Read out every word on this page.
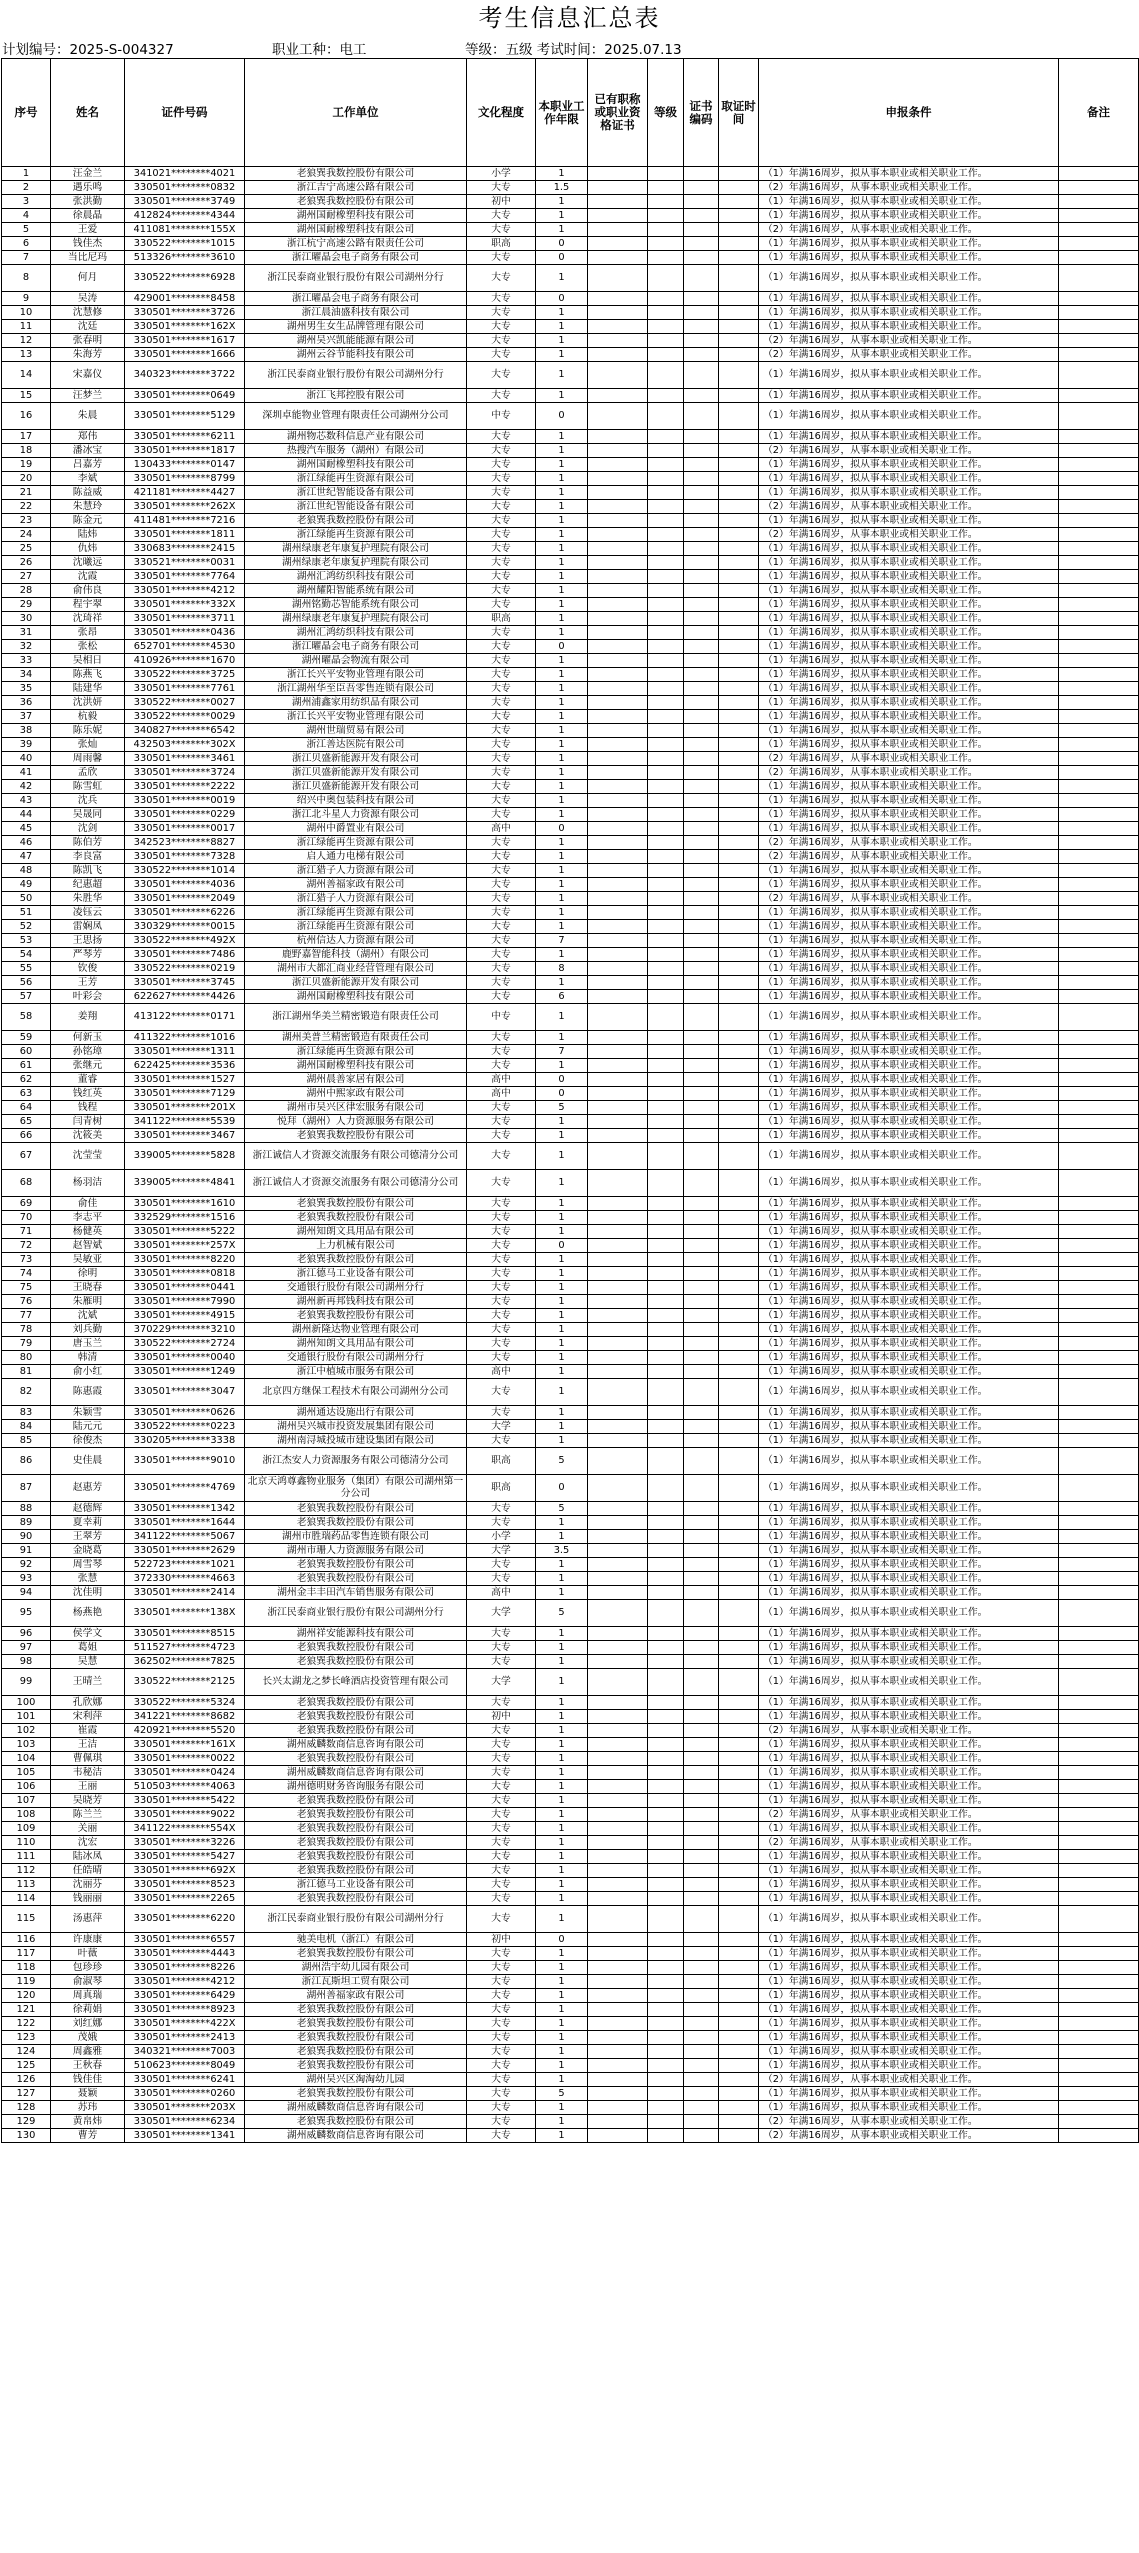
考生信息汇总表
计划编号：2025-S-004327	职业工种：电工	等级：五级 考试时间：2025.07.13
序号	姓名	证件号码	工作单位	文化程度	本职业工作年限	已有职称或职业资格证书	等级	证书编码	取证时间	申报条件	备注
1	汪金兰	341021********4021	老狼巽我数控股份有限公司	小学	1					（1）年满16周岁，拟从事本职业或相关职业工作。	
2	遇乐鸣	330501********0832	浙江吉宁高速公路有限公司	大专	1.5					（2）年满16周岁，从事本职业或相关职业工作。	
3	张洪勤	330501********3749	老狼巽我数控股份有限公司	初中	1					（1）年满16周岁，拟从事本职业或相关职业工作。	
4	徐晨晶	412824********4344	湖州国耐橡塑科技有限公司	大专	1					（1）年满16周岁，拟从事本职业或相关职业工作。	
5	王爱	411081********155X	湖州国耐橡塑科技有限公司	大专	1					（2）年满16周岁，从事本职业或相关职业工作。	
6	钱佳杰	330522********1015	浙江杭宁高速公路有限责任公司	职高	0					（1）年满16周岁，拟从事本职业或相关职业工作。	
7	当比尼玛	513326********3610	浙江曜晶会电子商务有限公司	大专	0					（1）年满16周岁，拟从事本职业或相关职业工作。	
8	何月	330522********6928	浙江民泰商业银行股份有限公司湖州分行	大专	1					（1）年满16周岁，拟从事本职业或相关职业工作。	
9	吴涛	429001********8458	浙江曜晶会电子商务有限公司	大专	0					（1）年满16周岁，拟从事本职业或相关职业工作。	
10	沈慧修	330501********3726	浙江晨油盛科技有限公司	大专	1					（1）年满16周岁，拟从事本职业或相关职业工作。	
11	沈廷	330501********162X	湖州男生女生品牌管理有限公司	大专	1					（1）年满16周岁，拟从事本职业或相关职业工作。	
12	张春明	330501********1617	湖州吴兴凯能能源有限公司	大专	1					（2）年满16周岁，从事本职业或相关职业工作。	
13	朱海芳	330501********1666	湖州云谷节能科技有限公司	大专	1					（2）年满16周岁，从事本职业或相关职业工作。	
14	宋嘉仪	340323********3722	浙江民泰商业银行股份有限公司湖州分行	大专	1					（1）年满16周岁，拟从事本职业或相关职业工作。	
15	汪梦兰	330501********0649	浙江飞邦控股有限公司	大专	1					（1）年满16周岁，拟从事本职业或相关职业工作。	
16	朱晨	330501********5129	深圳卓能物业管理有限责任公司湖州分公司	中专	0					（1）年满16周岁，拟从事本职业或相关职业工作。	
17	郑伟	330501********6211	湖州物芯数科信息产业有限公司	大专	1					（1）年满16周岁，拟从事本职业或相关职业工作。	
18	潘冰宝	330501********1817	热搜汽车服务（湖州）有限公司	大专	1					（2）年满16周岁，从事本职业或相关职业工作。	
19	吕嘉芳	130433********0147	湖州国耐橡塑科技有限公司	大专	1					（1）年满16周岁，拟从事本职业或相关职业工作。	
20	李斌	330501********8799	浙江绿能再生资源有限公司	大专	1					（1）年满16周岁，拟从事本职业或相关职业工作。	
21	陈益威	421181********4427	浙江世纪智能设备有限公司	大专	1					（1）年满16周岁，拟从事本职业或相关职业工作。	
22	朱慧玲	330501********262X	浙江世纪智能设备有限公司	大专	1					（2）年满16周岁，从事本职业或相关职业工作。	
23	陈金元	411481********7216	老狼巽我数控股份有限公司	大专	1					（1）年满16周岁，拟从事本职业或相关职业工作。	
24	陆炜	330501********1811	浙江绿能再生资源有限公司	大专	1					（2）年满16周岁，从事本职业或相关职业工作。	
25	仇炜	330683********2415	湖州绿康老年康复护理院有限公司	大专	1					（1）年满16周岁，拟从事本职业或相关职业工作。	
26	沈曦远	330521********0031	湖州绿康老年康复护理院有限公司	大专	1					（1）年满16周岁，拟从事本职业或相关职业工作。	
27	沈霞	330501********7764	湖州汇鸿纺织科技有限公司	大专	1					（1）年满16周岁，拟从事本职业或相关职业工作。	
28	俞伟良	330501********4212	湖州耀阳智能系统有限公司	大专	1					（1）年满16周岁，拟从事本职业或相关职业工作。	
29	程宇翠	330501********332X	湖州铭勤芯智能系统有限公司	大专	1					（1）年满16周岁，拟从事本职业或相关职业工作。	
30	沈琦祥	330501********3711	湖州绿康老年康复护理院有限公司	职高	1					（1）年满16周岁，拟从事本职业或相关职业工作。	
31	张昂	330501********0436	湖州汇鸿纺织科技有限公司	大专	1					（1）年满16周岁，拟从事本职业或相关职业工作。	
32	张松	652701********4530	浙江曜晶会电子商务有限公司	大专	0					（1）年满16周岁，拟从事本职业或相关职业工作。	
33	吴相日	410926********1670	湖州曜晶会物流有限公司	大专	1					（1）年满16周岁，拟从事本职业或相关职业工作。	
34	陈燕飞	330522********3725	浙江长兴平安物业管理有限公司	大专	1					（1）年满16周岁，拟从事本职业或相关职业工作。	
35	陆建华	330501********7761	浙江湖州华至臣吾零售连锁有限公司	大专	1					（1）年满16周岁，拟从事本职业或相关职业工作。	
36	沈洪妍	330522********0027	湖州浦鑫家用纺织品有限公司	大专	1					（1）年满16周岁，拟从事本职业或相关职业工作。	
37	杭毅	330522********0029	浙江长兴平安物业管理有限公司	大专	1					（1）年满16周岁，拟从事本职业或相关职业工作。	
38	陈乐妮	340827********6542	湖州世瑞贸易有限公司	大专	1					（1）年满16周岁，拟从事本职业或相关职业工作。	
39	张灿	432503********302X	浙江善达医院有限公司	大专	1					（1）年满16周岁，拟从事本职业或相关职业工作。	
40	周雨馨	330501********3461	浙江贝盛新能源开发有限公司	大专	1					（2）年满16周岁，从事本职业或相关职业工作。	
41	孟欣	330501********3724	浙江贝盛新能源开发有限公司	大专	1					（2）年满16周岁，从事本职业或相关职业工作。	
42	陈雪虹	330501********2222	浙江贝盛新能源开发有限公司	大专	1					（1）年满16周岁，拟从事本职业或相关职业工作。	
43	沈兵	330501********0019	绍兴中奥包装科技有限公司	大专	1					（1）年满16周岁，拟从事本职业或相关职业工作。	
44	吴晟同	330501********0229	浙江北斗星人力资源有限公司	大专	1					（1）年满16周岁，拟从事本职业或相关职业工作。	
45	沈剑	330501********0017	湖州中爵置业有限公司	高中	0					（1）年满16周岁，拟从事本职业或相关职业工作。	
46	陈伯芳	342523********8827	浙江绿能再生资源有限公司	大专	1					（2）年满16周岁，从事本职业或相关职业工作。	
47	李良富	330501********7328	启人通力电梯有限公司	大专	1					（2）年满16周岁，从事本职业或相关职业工作。	
48	陈凯飞	330522********1014	浙江猎子人力资源有限公司	大专	1					（1）年满16周岁，拟从事本职业或相关职业工作。	
49	纪惠超	330501********4036	湖州善福家政有限公司	大专	1					（1）年满16周岁，拟从事本职业或相关职业工作。	
50	朱胜华	330501********2049	浙江猎子人力资源有限公司	大专	1					（2）年满16周岁，从事本职业或相关职业工作。	
51	凌钰云	330501********6226	浙江绿能再生资源有限公司	大专	1					（1）年满16周岁，拟从事本职业或相关职业工作。	
52	雷娴凤	330329********0015	浙江绿能再生资源有限公司	大专	1					（1）年满16周岁，拟从事本职业或相关职业工作。	
53	王思扬	330522********492X	杭州信达人力资源有限公司	大专	7					（1）年满16周岁，拟从事本职业或相关职业工作。	
54	严琴芳	330501********7486	鹿野嘉智能科技（湖州）有限公司	大专	1					（1）年满16周岁，拟从事本职业或相关职业工作。	
55	钦俊	330522********0219	湖州市大都汇商业经营管理有限公司	大专	8					（1）年满16周岁，拟从事本职业或相关职业工作。	
56	王芳	330501********3745	浙江贝盛新能源开发有限公司	大专	1					（1）年满16周岁，拟从事本职业或相关职业工作。	
57	叶彩会	622627********4426	湖州国耐橡塑科技有限公司	大专	6					（1）年满16周岁，拟从事本职业或相关职业工作。	
58	姜翔	413122********0171	浙江湖州华美兰精密锻造有限责任公司	中专	1					（1）年满16周岁，拟从事本职业或相关职业工作。	
59	何新玉	411322********1016	湖州美普兰精密锻造有限责任公司	大专	1					（1）年满16周岁，拟从事本职业或相关职业工作。	
60	孙铭璋	330501********1311	浙江绿能再生资源有限公司	大专	7					（1）年满16周岁，拟从事本职业或相关职业工作。	
61	张继元	622425********3536	湖州国耐橡塑科技有限公司	大专	1					（1）年满16周岁，拟从事本职业或相关职业工作。	
62	董睿	330501********1527	湖州晨善家居有限公司	高中	0					（1）年满16周岁，拟从事本职业或相关职业工作。	
63	钱红英	330501********7129	湖州中熙家政有限公司	高中	0					（1）年满16周岁，拟从事本职业或相关职业工作。	
64	钱程	330501********201X	湖州市吴兴区律宏服务有限公司	大专	5					（1）年满16周岁，拟从事本职业或相关职业工作。	
65	闫青树	341122********5539	悦拜（湖州）人力资源服务有限公司	大专	1					（1）年满16周岁，拟从事本职业或相关职业工作。	
66	沈筱美	330501********3467	老狼巽我数控股份有限公司	大专	1					（1）年满16周岁，拟从事本职业或相关职业工作。	
67	沈莹莹	339005********5828	浙江诚信人才资源交流服务有限公司德清分公司	大专	1					（1）年满16周岁，拟从事本职业或相关职业工作。	
68	杨羽洁	339005********4841	浙江诚信人才资源交流服务有限公司德清分公司	大专	1					（1）年满16周岁，拟从事本职业或相关职业工作。	
69	俞佳	330501********1610	老狼巽我数控股份有限公司	大专	1					（1）年满16周岁，拟从事本职业或相关职业工作。	
70	李志平	332529********1516	老狼巽我数控股份有限公司	大专	1					（1）年满16周岁，拟从事本职业或相关职业工作。	
71	杨健英	330501********5222	湖州知朗文具用品有限公司	大专	1					（1）年满16周岁，拟从事本职业或相关职业工作。	
72	赵智斌	330501********257X	上力机械有限公司	大专	0					（1）年满16周岁，拟从事本职业或相关职业工作。	
73	吴敏亚	330501********8220	老狼巽我数控股份有限公司	大专	1					（1）年满16周岁，拟从事本职业或相关职业工作。	
74	徐明	330501********0818	浙江德马工业设备有限公司	大专	1					（1）年满16周岁，拟从事本职业或相关职业工作。	
75	王晓春	330501********0441	交通银行股份有限公司湖州分行	大专	1					（1）年满16周岁，拟从事本职业或相关职业工作。	
76	朱雁明	330501********7990	湖州新再邦钱科技有限公司	大专	1					（1）年满16周岁，拟从事本职业或相关职业工作。	
77	沈斌	330501********4915	老狼巽我数控股份有限公司	大专	1					（1）年满16周岁，拟从事本职业或相关职业工作。	
78	刘兵勤	370229********3210	湖州新隆达物业管理有限公司	大专	1					（1）年满16周岁，拟从事本职业或相关职业工作。	
79	唐玉兰	330522********2724	湖州知朗文具用品有限公司	大专	1					（1）年满16周岁，拟从事本职业或相关职业工作。	
80	韩清	330501********0040	交通银行股份有限公司湖州分行	大专	1					（1）年满16周岁，拟从事本职业或相关职业工作。	
81	俞小红	330501********1249	浙江中植城市服务有限公司	高中	1					（1）年满16周岁，拟从事本职业或相关职业工作。	
82	陈惠霞	330501********3047	北京四方继保工程技术有限公司湖州分公司	大专	1					（1）年满16周岁，拟从事本职业或相关职业工作。	
83	朱颖雪	330501********0626	湖州通达设施出行有限公司	大专	1					（1）年满16周岁，拟从事本职业或相关职业工作。	
84	陆元元	330522********0223	湖州吴兴城市投资发展集团有限公司	大学	1					（1）年满16周岁，拟从事本职业或相关职业工作。	
85	徐俊杰	330205********3338	湖州南浔城投城市建设集团有限公司	大专	1					（1）年满16周岁，拟从事本职业或相关职业工作。	
86	史佳晨	330501********9010	浙江杰安人力资源服务有限公司德清分公司	职高	5					（1）年满16周岁，拟从事本职业或相关职业工作。	
87	赵惠芳	330501********4769	北京天鸿尊鑫物业服务（集团）有限公司湖州第一分公司	职高	0					（1）年满16周岁，拟从事本职业或相关职业工作。	
88	赵德辉	330501********1342	老狼巽我数控股份有限公司	大专	5					（1）年满16周岁，拟从事本职业或相关职业工作。	
89	夏幸莉	330501********1644	老狼巽我数控股份有限公司	大专	1					（1）年满16周岁，拟从事本职业或相关职业工作。	
90	王翠芳	341122********5067	湖州市胜瑞药品零售连锁有限公司	小学	1					（1）年满16周岁，拟从事本职业或相关职业工作。	
91	金晓葛	330501********2629	湖州市珊人力资源服务有限公司	大学	3.5					（1）年满16周岁，拟从事本职业或相关职业工作。	
92	周雪琴	522723********1021	老狼巽我数控股份有限公司	大专	1					（1）年满16周岁，拟从事本职业或相关职业工作。	
93	张慧	372330********4663	老狼巽我数控股份有限公司	大专	1					（1）年满16周岁，拟从事本职业或相关职业工作。	
94	沈佳明	330501********2414	湖州金丰丰田汽车销售服务有限公司	高中	1					（1）年满16周岁，拟从事本职业或相关职业工作。	
95	杨燕艳	330501********138X	浙江民泰商业银行股份有限公司湖州分行	大学	5					（1）年满16周岁，拟从事本职业或相关职业工作。	
96	侯学文	330501********8515	湖州祥安能源科技有限公司	大专	1					（1）年满16周岁，拟从事本职业或相关职业工作。	
97	葛姐	511527********4723	老狼巽我数控股份有限公司	大专	1					（1）年满16周岁，拟从事本职业或相关职业工作。	
98	吴慧	362502********7825	老狼巽我数控股份有限公司	大专	1					（1）年满16周岁，拟从事本职业或相关职业工作。	
99	王晴兰	330522********2125	长兴太湖龙之梦长峰酒店投资管理有限公司	大学	1					（1）年满16周岁，拟从事本职业或相关职业工作。	
100	孔欣娜	330522********5324	老狼巽我数控股份有限公司	大专	1					（1）年满16周岁，拟从事本职业或相关职业工作。	
101	宋利萍	341221********8682	老狼巽我数控股份有限公司	初中	1					（1）年满16周岁，拟从事本职业或相关职业工作。	
102	崔霞	420921********5520	老狼巽我数控股份有限公司	大专	1					（2）年满16周岁，从事本职业或相关职业工作。	
103	王洁	330501********161X	湖州威麟数商信息咨询有限公司	大专	1					（1）年满16周岁，拟从事本职业或相关职业工作。	
104	曹佩琪	330501********0022	老狼巽我数控股份有限公司	大专	1					（1）年满16周岁，拟从事本职业或相关职业工作。	
105	韦秘洁	330501********0424	湖州威麟数商信息咨询有限公司	大专	1					（1）年满16周岁，拟从事本职业或相关职业工作。	
106	王丽	510503********4063	湖州德明财务咨询服务有限公司	大专	1					（1）年满16周岁，拟从事本职业或相关职业工作。	
107	吴晓芳	330501********5422	老狼巽我数控股份有限公司	大专	1					（1）年满16周岁，拟从事本职业或相关职业工作。	
108	陈兰兰	330501********9022	老狼巽我数控股份有限公司	大专	1					（2）年满16周岁，从事本职业或相关职业工作。	
109	关丽	341122********554X	老狼巽我数控股份有限公司	大专	1					（1）年满16周岁，拟从事本职业或相关职业工作。	
110	沈宏	330501********3226	老狼巽我数控股份有限公司	大专	1					（2）年满16周岁，从事本职业或相关职业工作。	
111	陆冰凤	330501********5427	老狼巽我数控股份有限公司	大专	1					（1）年满16周岁，拟从事本职业或相关职业工作。	
112	任皓晴	330501********692X	老狼巽我数控股份有限公司	大专	1					（1）年满16周岁，拟从事本职业或相关职业工作。	
113	沈丽芬	330501********8523	浙江德马工业设备有限公司	大专	1					（1）年满16周岁，拟从事本职业或相关职业工作。	
114	钱丽丽	330501********2265	老狼巽我数控股份有限公司	大专	1					（1）年满16周岁，拟从事本职业或相关职业工作。	
115	汤惠萍	330501********6220	浙江民泰商业银行股份有限公司湖州分行	大专	1					（1）年满16周岁，拟从事本职业或相关职业工作。	
116	许康康	330501********6557	驰美电机（浙江）有限公司	初中	0					（1）年满16周岁，拟从事本职业或相关职业工作。	
117	叶薇	330501********4443	老狼巽我数控股份有限公司	大专	1					（1）年满16周岁，拟从事本职业或相关职业工作。	
118	包珍珍	330501********8226	湖州浩宇幼儿园有限公司	大专	1					（1）年满16周岁，拟从事本职业或相关职业工作。	
119	俞淑琴	330501********4212	浙江瓦斯坦工贸有限公司	大专	1					（1）年满16周岁，拟从事本职业或相关职业工作。	
120	周真瑞	330501********6429	湖州善福家政有限公司	大专	1					（1）年满16周岁，拟从事本职业或相关职业工作。	
121	徐莉娟	330501********8923	老狼巽我数控股份有限公司	大专	1					（1）年满16周岁，拟从事本职业或相关职业工作。	
122	刘红娜	330501********422X	老狼巽我数控股份有限公司	大专	1					（1）年满16周岁，拟从事本职业或相关职业工作。	
123	茂娥	330501********2413	老狼巽我数控股份有限公司	大专	1					（1）年满16周岁，拟从事本职业或相关职业工作。	
124	周鑫雅	340321********7003	老狼巽我数控股份有限公司	大专	1					（1）年满16周岁，拟从事本职业或相关职业工作。	
125	王秋春	510623********8049	老狼巽我数控股份有限公司	大专	1					（1）年满16周岁，拟从事本职业或相关职业工作。	
126	钱佳佳	330501********6241	湖州吴兴区淘淘幼儿园	大专	1					（2）年满16周岁，从事本职业或相关职业工作。	
127	聂颖	330501********0260	老狼巽我数控股份有限公司	大专	5					（1）年满16周岁，拟从事本职业或相关职业工作。	
128	苏玮	330501********203X	湖州威麟数商信息咨询有限公司	大专	1					（1）年满16周岁，拟从事本职业或相关职业工作。	
129	黄帛炜	330501********6234	老狼巽我数控股份有限公司	大专	1					（2）年满16周岁，从事本职业或相关职业工作。	
130	曹芳	330501********1341	湖州威麟数商信息咨询有限公司	大专	1					（2）年满16周岁，从事本职业或相关职业工作。	
